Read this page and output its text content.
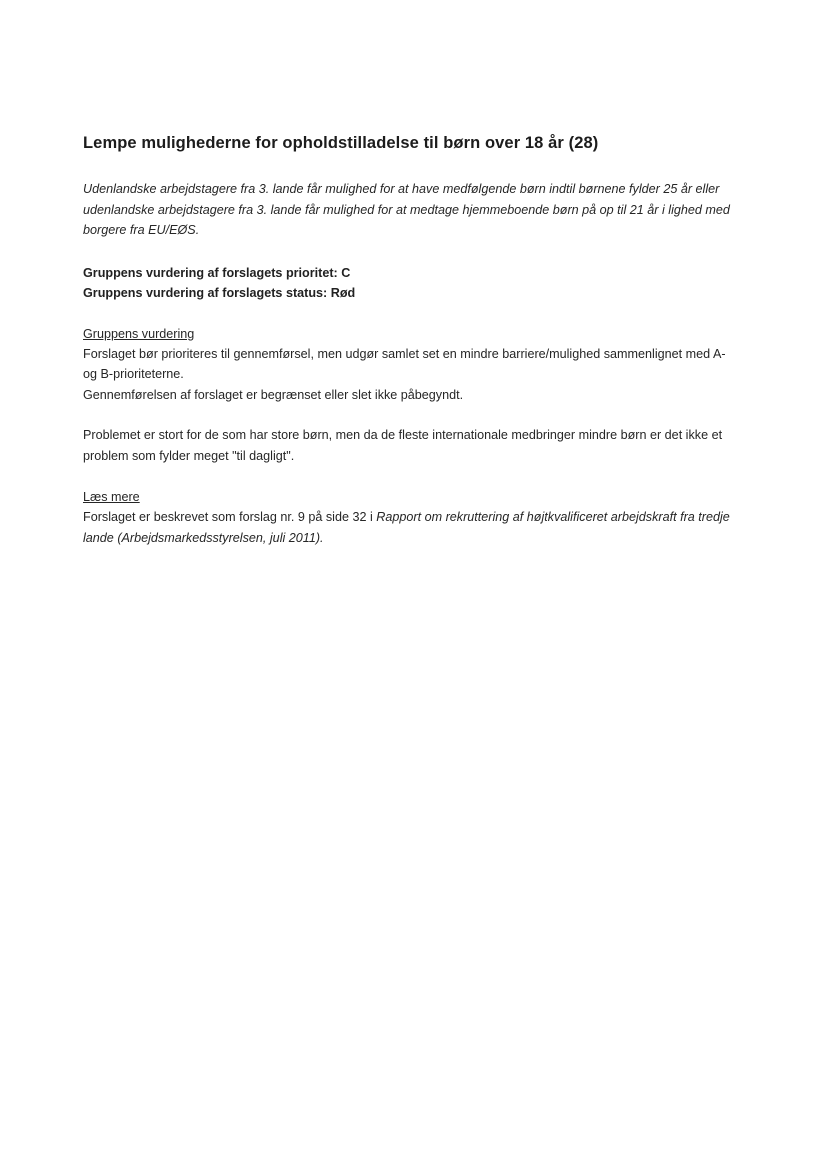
Lempe mulighederne for opholdstilladelse til børn over 18 år (28)

Udenlandske arbejdstagere fra 3. lande får mulighed for at have medfølgende børn indtil børnene fylder 25 år eller udenlandske arbejdstagere fra 3. lande får mulighed for at medtage hjemmeboende børn på op til 21 år i lighed med borgere fra EU/EØS.

Gruppens vurdering af forslagets prioritet: C
Gruppens vurdering af forslagets status: Rød
Gruppens vurdering

Forslaget bør prioriteres til gennemførsel, men udgør samlet set en mindre barriere/mulighed sammenlignet med A- og B-prioriteterne.

Gennemførelsen af forslaget er begrænset eller slet ikke påbegyndt.

Problemet er stort for de som har store børn, men da de fleste internationale medbringer mindre børn er det ikke et problem som fylder meget "til dagligt".

Læs mere

Forslaget er beskrevet som forslag nr. 9 på side 32 i Rapport om rekruttering af højtkvalificeret arbejdskraft fra tredje lande (Arbejdsmarkedsstyrelsen, juli 2011).
